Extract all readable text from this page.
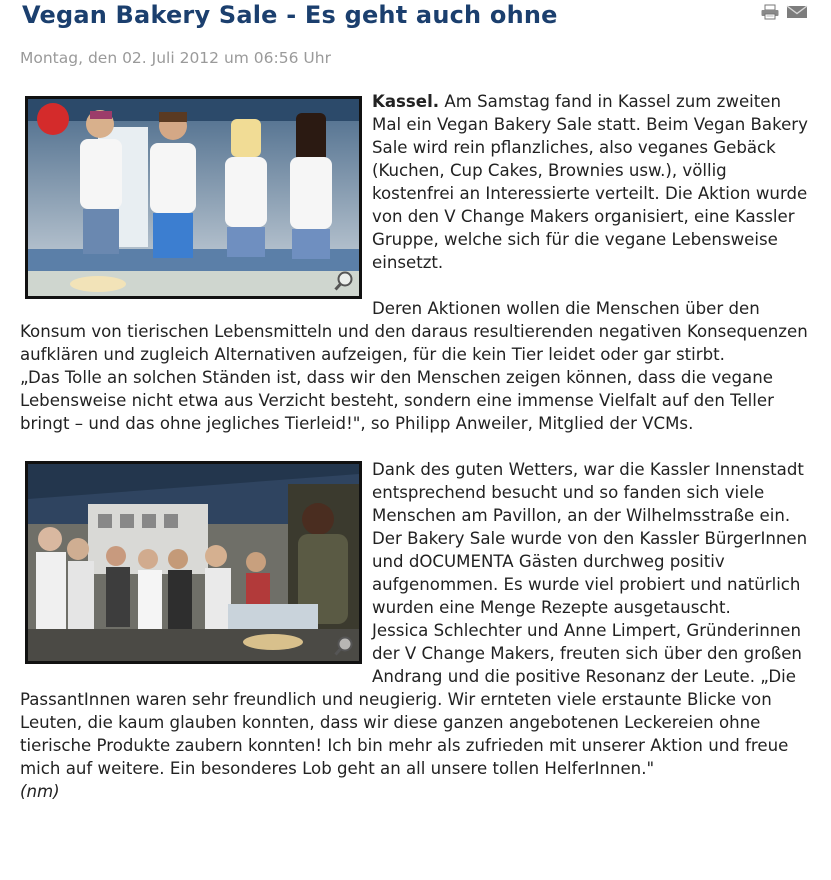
Vegan Bakery Sale - Es geht auch ohne
Montag, den 02. Juli 2012 um 06:56 Uhr

Kassel. Am Samstag fand in Kassel zum zweiten Mal ein Vegan Bakery Sale statt. Beim Vegan Bakery Sale wird rein pflanzliches, also veganes Gebäck (Kuchen, Cup Cakes, Brownies usw.), völlig kostenfrei an Interessierte verteilt. Die Aktion wurde von den V Change Makers organisiert, eine Kassler Gruppe, welche sich für die vegane Lebensweise einsetzt.

Deren Aktionen wollen die Menschen über den Konsum von tierischen Lebensmitteln und den daraus resultierenden negativen Konsequenzen aufklären und zugleich Alternativen aufzeigen, für die kein Tier leidet oder gar stirbt.

„Das Tolle an solchen Ständen ist, dass wir den Menschen zeigen können, dass die vegane Lebensweise nicht etwa aus Verzicht besteht, sondern eine immense Vielfalt auf den Teller bringt – und das ohne jegliches Tierleid!", so Philipp Anweiler, Mitglied der VCMs.

Dank des guten Wetters, war die Kassler Innenstadt entsprechend besucht und so fanden sich viele Menschen am Pavillon, an der Wilhelmsstraße ein.

Der Bakery Sale wurde von den Kassler BürgerInnen und dOCUMENTA Gästen durchweg positiv aufgenommen. Es wurde viel probiert und natürlich wurden eine Menge Rezepte ausgetauscht.

Jessica Schlechter und Anne Limpert, Gründerinnen der V Change Makers, freuten sich über den großen Andrang und die positive Resonanz der Leute. „Die PassantInnen waren sehr freundlich und neugierig. Wir ernteten viele erstaunte Blicke von Leuten, die kaum glauben konnten, dass wir diese ganzen angebotenen Leckereien ohne tierische Produkte zaubern konnten! Ich bin mehr als zufrieden mit unserer Aktion und freue mich auf weitere. Ein besonderes Lob geht an all unsere tollen HelferInnen."

(nm)
